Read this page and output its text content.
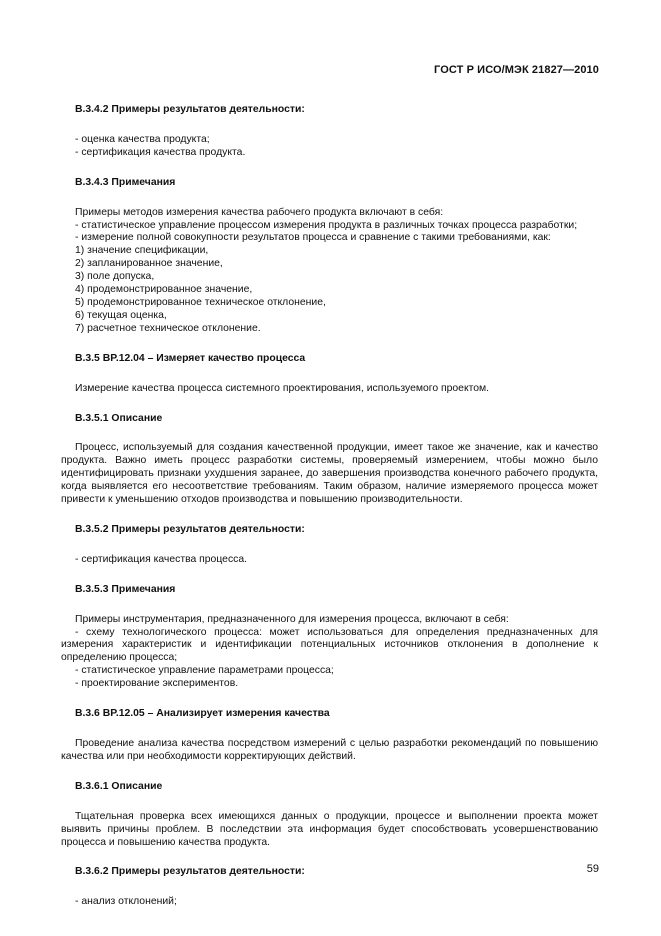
ГОСТ Р ИСО/МЭК 21827—2010
B.3.4.2 Примеры результатов деятельности:
- оценка качества продукта;
- сертификация качества продукта.
B.3.4.3 Примечания
Примеры методов измерения качества рабочего продукта включают в себя:
- статистическое управление процессом измерения продукта в различных точках процесса разработки;
- измерение полной совокупности результатов процесса и сравнение с такими требованиями, как:
1) значение спецификации,
2) запланированное значение,
3) поле допуска,
4) продемонстрированное значение,
5) продемонстрированное техническое отклонение,
6) текущая оценка,
7) расчетное техническое отклонение.
B.3.5 BP.12.04 – Измеряет качество процесса
Измерение качества процесса системного проектирования, используемого проектом.
B.3.5.1 Описание
Процесс, используемый для создания качественной продукции, имеет такое же значение, как и качество продукта. Важно иметь процесс разработки системы, проверяемый измерением, чтобы можно было идентифицировать признаки ухудшения заранее, до завершения производства конечного рабочего продукта, когда выявляется его несоответствие требованиям. Таким образом, наличие измеряемого процесса может привести к уменьшению отходов производства и повышению производительности.
B.3.5.2 Примеры результатов деятельности:
- сертификация качества процесса.
B.3.5.3 Примечания
Примеры инструментария, предназначенного для измерения процесса, включают в себя:
- схему технологического процесса: может использоваться для определения предназначенных для измерения характеристик и идентификации потенциальных источников отклонения в дополнение к определению процесса;
- статистическое управление параметрами процесса;
- проектирование экспериментов.
B.3.6 BP.12.05 – Анализирует измерения качества
Проведение анализа качества посредством измерений с целью разработки рекомендаций по повышению качества или при необходимости корректирующих действий.
B.3.6.1 Описание
Тщательная проверка всех имеющихся данных о продукции, процессе и выполнении проекта может выявить причины проблем. В последствии эта информация будет способствовать усовершенствованию процесса и повышению качества продукта.
B.3.6.2 Примеры результатов деятельности:
- анализ отклонений;
59
